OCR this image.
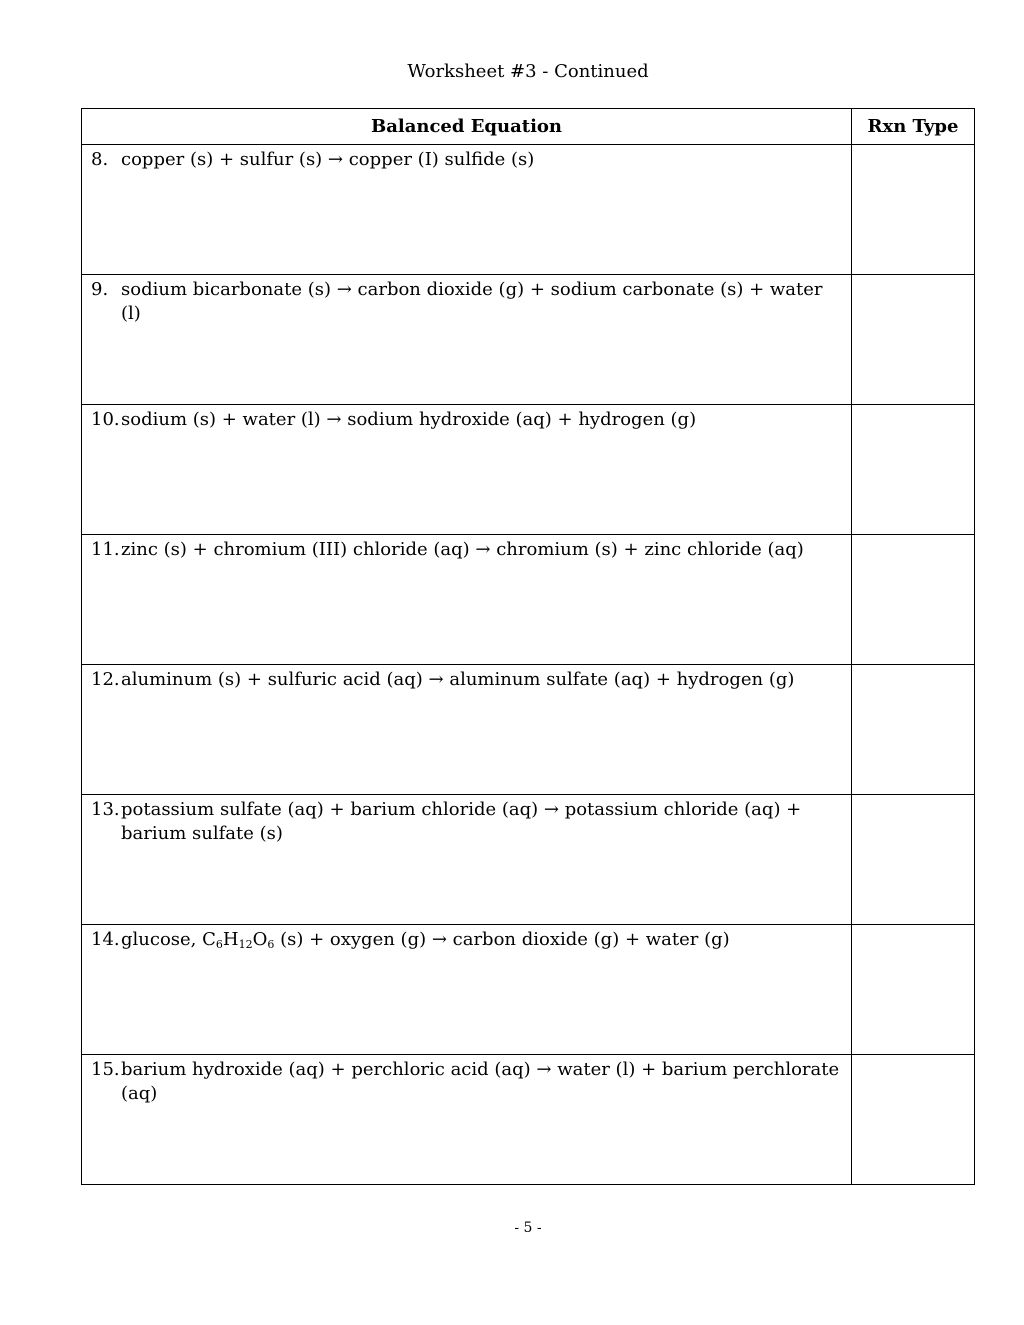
Worksheet #3 - Continued
Balanced Equation	Rxn Type

8. copper (s) + sulfur (s) → copper (I) sulfide (s)	

9. sodium bicarbonate (s) → carbon dioxide (g) + sodium carbonate (s) + water (l)	

10. sodium (s) + water (l) → sodium hydroxide (aq) + hydrogen (g)	

11. zinc (s) + chromium (III) chloride (aq) → chromium (s) + zinc chloride (aq)	

12. aluminum (s) + sulfuric acid (aq) → aluminum sulfate (aq) + hydrogen (g)	

13. potassium sulfate (aq) + barium chloride (aq) → potassium chloride (aq) + barium sulfate (s)	

14. glucose, $C_6H_{12}O_6$ (s) + oxygen (g) → carbon dioxide (g) + water (g)	

15. barium hydroxide (aq) + perchloric acid (aq) → water (l) + barium perchlorate (aq)	

- 5 -
